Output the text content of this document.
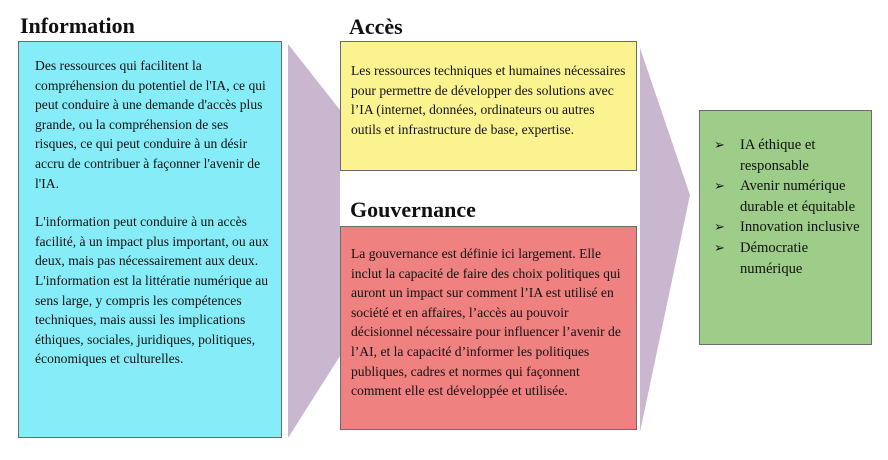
Information

Des ressources qui facilitent la compréhension du potentiel de l'IA, ce qui peut conduire à une demande d'accès plus grande, ou la compréhension de ses risques, ce qui peut conduire à un désir accru de contribuer à façonner l'avenir de l'IA.

L'information peut conduire à un accès facilité, à un impact plus important, ou aux deux, mais pas nécessairement aux deux.

L'information est la littératie numérique au sens large, y compris les compétences techniques, mais aussi les implications éthiques, sociales, juridiques, politiques, économiques et culturelles.

Accès

Les ressources techniques et humaines nécessaires pour permettre de développer des solutions avec l’IA (internet, données, ordinateurs ou autres outils et infrastructure de base, expertise.

Gouvernance

La gouvernance est définie ici largement. Elle inclut la capacité de faire des choix politiques qui auront un impact sur comment l’IA est utilisé en société et en affaires, l’accès au pouvoir décisionnel nécessaire pour influencer l’avenir de l’AI, et la capacité d’informer les politiques publiques, cadres et normes qui façonnent comment elle est développée et utilisée.

➢ IA éthique et responsable
➢ Avenir numérique durable et équitable
➢ Innovation inclusive
➢ Démocratie numérique
